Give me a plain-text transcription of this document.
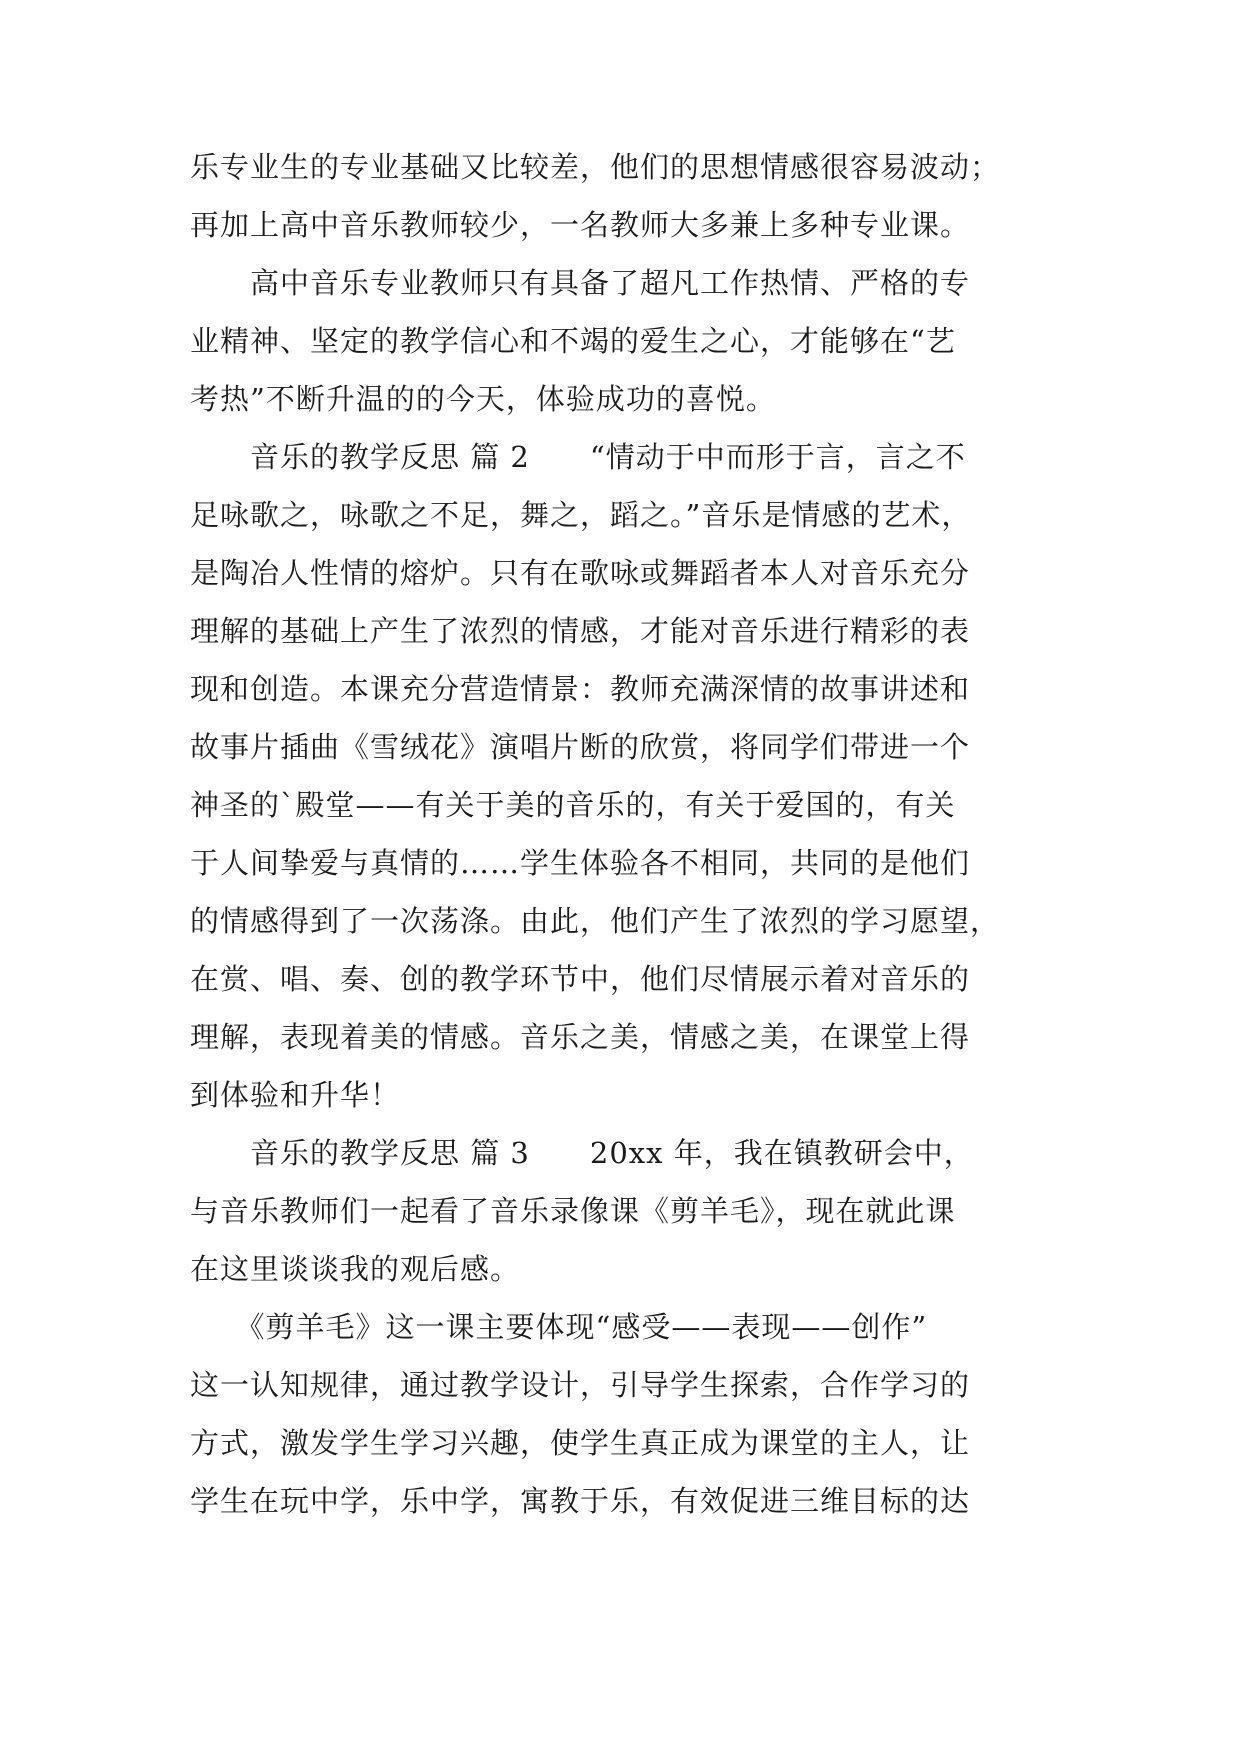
乐专业生的专业基础又比较差，他们的思想情感很容易波动；
再加上高中音乐教师较少，一名教师大多兼上多种专业课。
　　高中音乐专业教师只有具备了超凡工作热情、严格的专
业精神、坚定的教学信心和不竭的爱生之心，才能够在“艺
考热”不断升温的的今天，体验成功的喜悦。
　　音乐的教学反思 篇 2　　“情动于中而形于言，言之不
足咏歌之，咏歌之不足，舞之，蹈之。”音乐是情感的艺术，
是陶冶人性情的熔炉。只有在歌咏或舞蹈者本人对音乐充分
理解的基础上产生了浓烈的情感，才能对音乐进行精彩的表
现和创造。本课充分营造情景：教师充满深情的故事讲述和
故事片插曲《雪绒花》演唱片断的欣赏，将同学们带进一个
神圣的`殿堂——有关于美的音乐的，有关于爱国的，有关
于人间挚爱与真情的……学生体验各不相同，共同的是他们
的情感得到了一次荡涤。由此，他们产生了浓烈的学习愿望，
在赏、唱、奏、创的教学环节中，他们尽情展示着对音乐的
理解，表现着美的情感。音乐之美，情感之美，在课堂上得
到体验和升华！
　　音乐的教学反思 篇 3　　20xx 年，我在镇教研会中，
与音乐教师们一起看了音乐录像课《剪羊毛》，现在就此课
在这里谈谈我的观后感。
　　《剪羊毛》这一课主要体现“感受——表现——创作”
这一认知规律，通过教学设计，引导学生探索，合作学习的
方式，激发学生学习兴趣，使学生真正成为课堂的主人，让
学生在玩中学，乐中学，寓教于乐，有效促进三维目标的达
